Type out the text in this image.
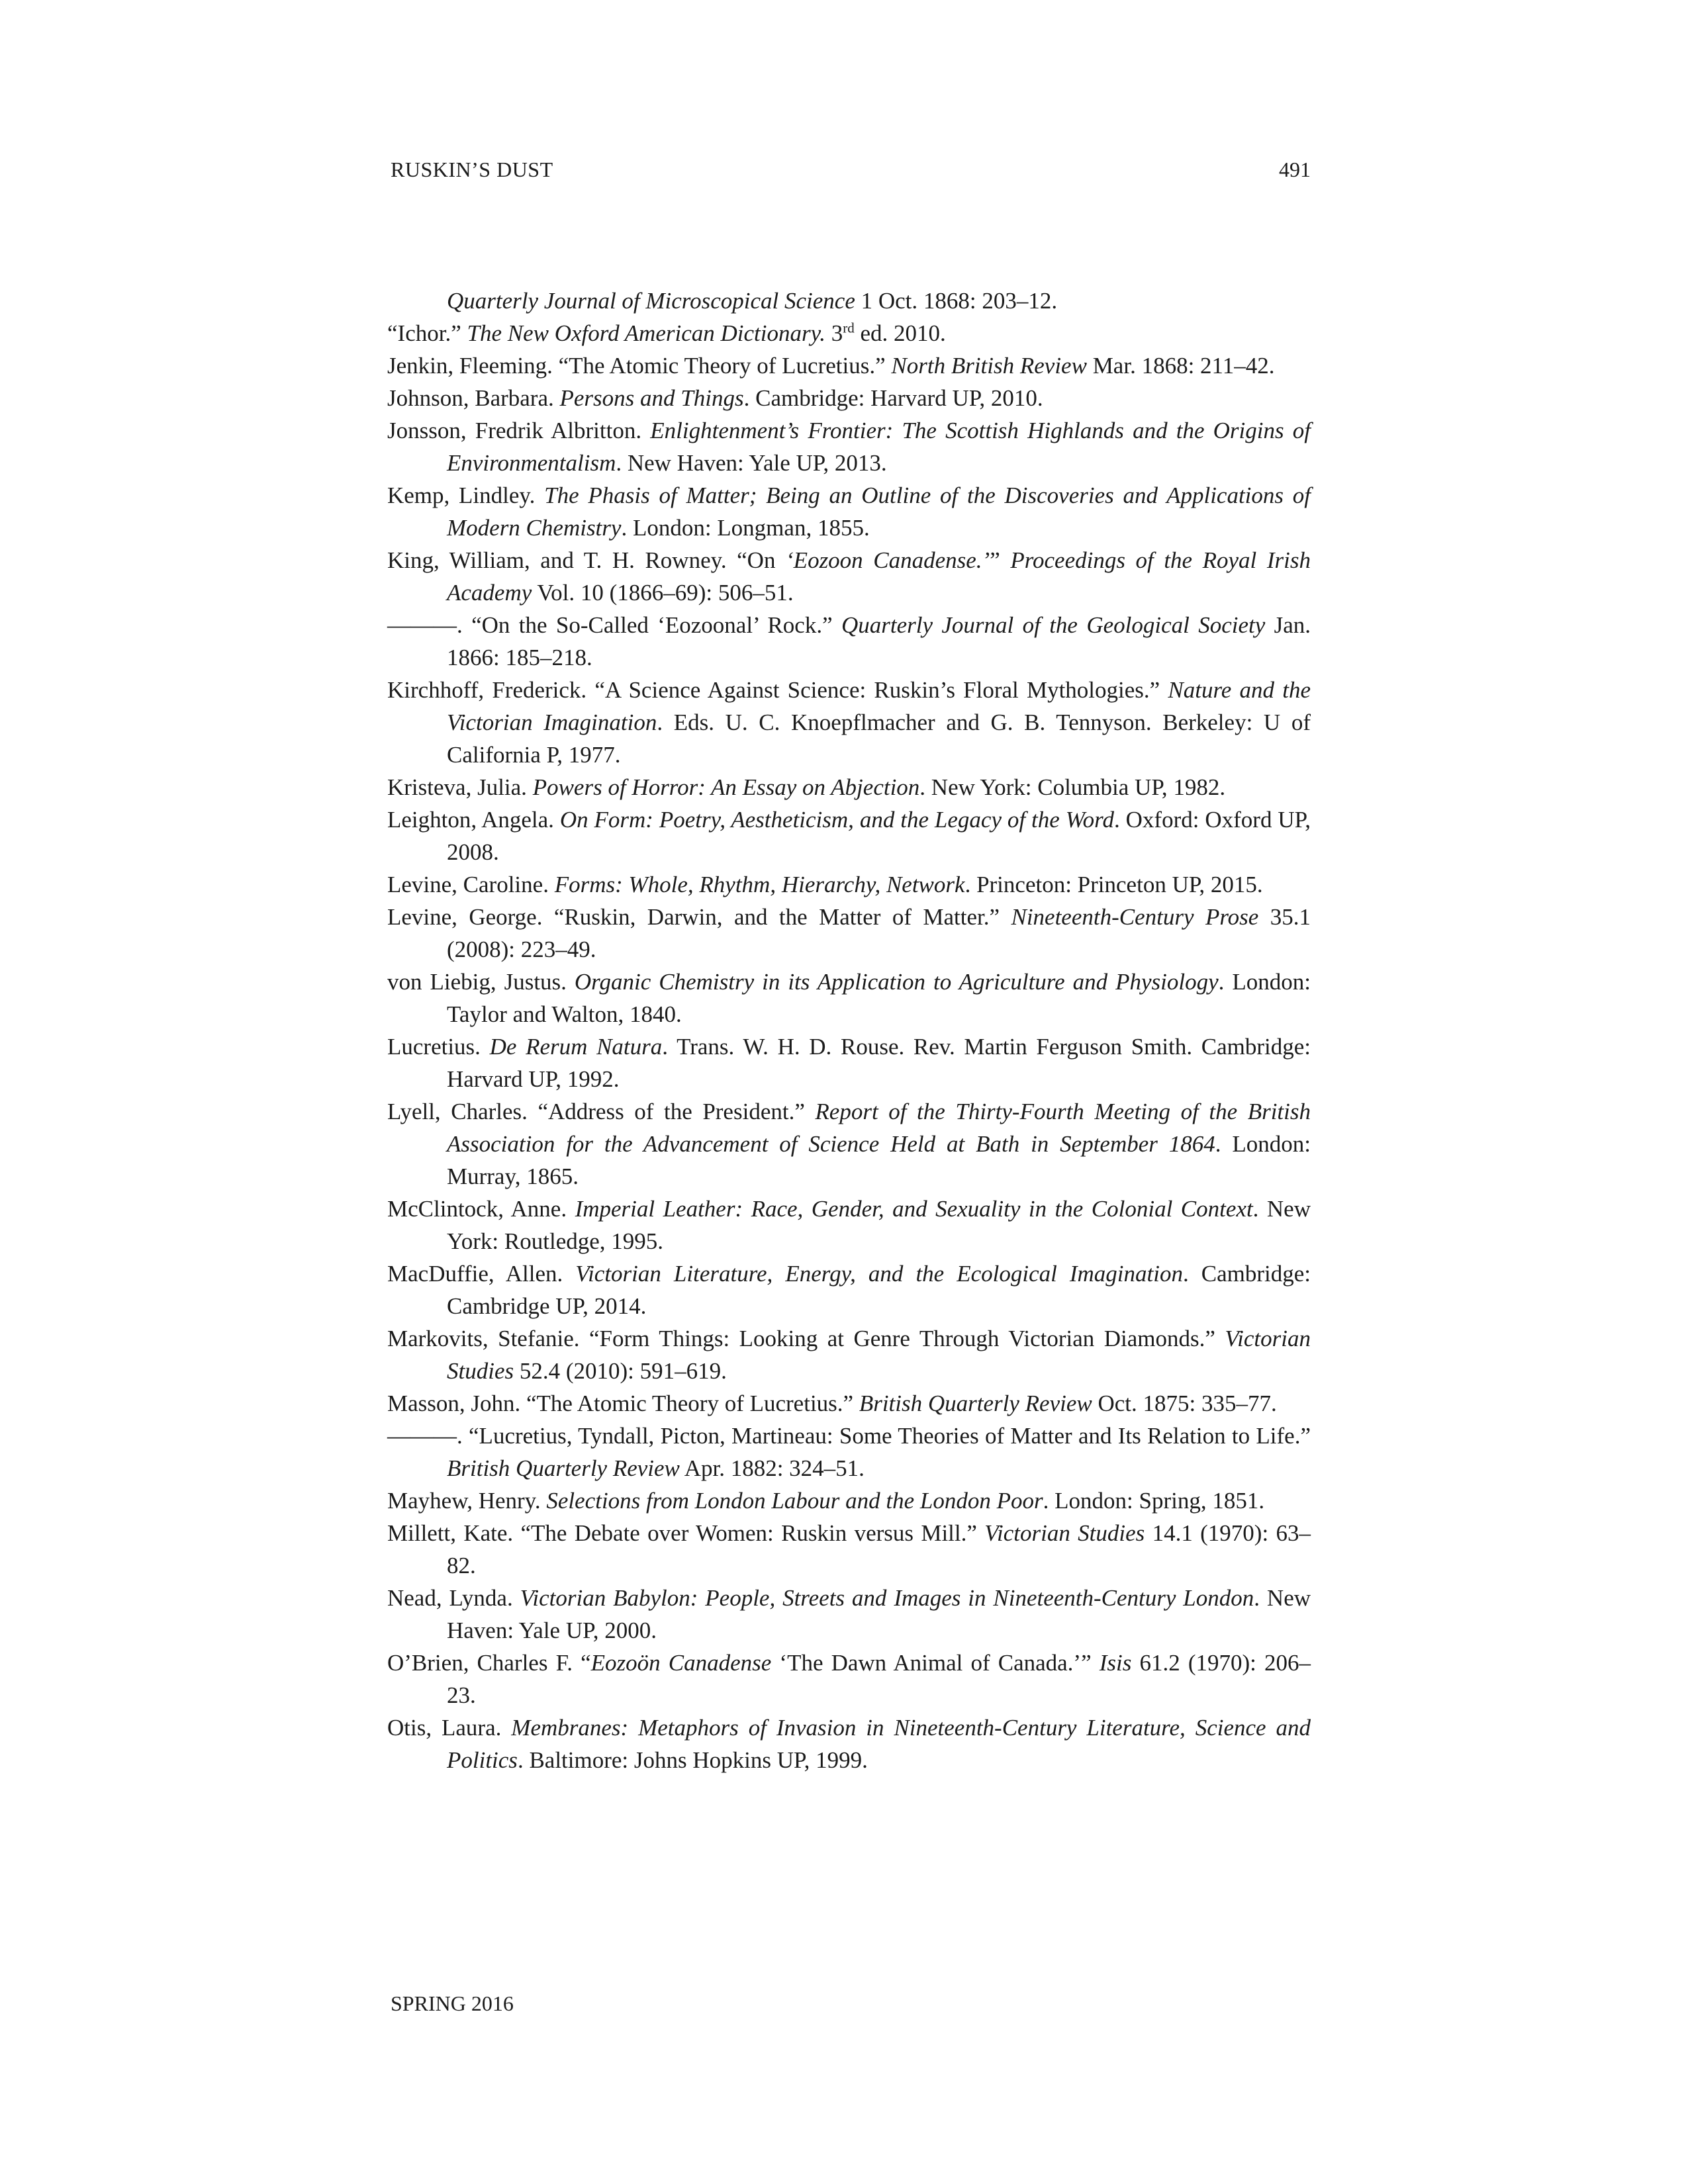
RUSKIN’S DUST	491

Quarterly Journal of Microscopical Science 1 Oct. 1868: 203–12.

“Ichor.” The New Oxford American Dictionary. 3rd ed. 2010.

Jenkin, Fleeming. “The Atomic Theory of Lucretius.” North British Review Mar. 1868: 211–42.

Johnson, Barbara. Persons and Things. Cambridge: Harvard UP, 2010.

Jonsson, Fredrik Albritton. Enlightenment’s Frontier: The Scottish Highlands and the Origins of Environmentalism. New Haven: Yale UP, 2013.

Kemp, Lindley. The Phasis of Matter; Being an Outline of the Discoveries and Applications of Modern Chemistry. London: Longman, 1855.

King, William, and T. H. Rowney. “On ‘Eozoon Canadense.’” Proceedings of the Royal Irish Academy Vol. 10 (1866–69): 506–51.

———. “On the So-Called ‘Eozoonal’ Rock.” Quarterly Journal of the Geological Society Jan. 1866: 185–218.

Kirchhoff, Frederick. “A Science Against Science: Ruskin’s Floral Mythologies.” Nature and the Victorian Imagination. Eds. U. C. Knoepflmacher and G. B. Tennyson. Berkeley: U of California P, 1977.

Kristeva, Julia. Powers of Horror: An Essay on Abjection. New York: Columbia UP, 1982.

Leighton, Angela. On Form: Poetry, Aestheticism, and the Legacy of the Word. Oxford: Oxford UP, 2008.

Levine, Caroline. Forms: Whole, Rhythm, Hierarchy, Network. Princeton: Princeton UP, 2015.

Levine, George. “Ruskin, Darwin, and the Matter of Matter.” Nineteenth-Century Prose 35.1 (2008): 223–49.

von Liebig, Justus. Organic Chemistry in its Application to Agriculture and Physiology. London: Taylor and Walton, 1840.

Lucretius. De Rerum Natura. Trans. W. H. D. Rouse. Rev. Martin Ferguson Smith. Cambridge: Harvard UP, 1992.

Lyell, Charles. “Address of the President.” Report of the Thirty-Fourth Meeting of the British Association for the Advancement of Science Held at Bath in September 1864. London: Murray, 1865.

McClintock, Anne. Imperial Leather: Race, Gender, and Sexuality in the Colonial Context. New York: Routledge, 1995.

MacDuffie, Allen. Victorian Literature, Energy, and the Ecological Imagination. Cambridge: Cambridge UP, 2014.

Markovits, Stefanie. “Form Things: Looking at Genre Through Victorian Diamonds.” Victorian Studies 52.4 (2010): 591–619.

Masson, John. “The Atomic Theory of Lucretius.” British Quarterly Review Oct. 1875: 335–77.

———. “Lucretius, Tyndall, Picton, Martineau: Some Theories of Matter and Its Relation to Life.” British Quarterly Review Apr. 1882: 324–51.

Mayhew, Henry. Selections from London Labour and the London Poor. London: Spring, 1851.

Millett, Kate. “The Debate over Women: Ruskin versus Mill.” Victorian Studies 14.1 (1970): 63–82.

Nead, Lynda. Victorian Babylon: People, Streets and Images in Nineteenth-Century London. New Haven: Yale UP, 2000.

O’Brien, Charles F. “Eozoön Canadense ‘The Dawn Animal of Canada.’” Isis 61.2 (1970): 206–23.

Otis, Laura. Membranes: Metaphors of Invasion in Nineteenth-Century Literature, Science and Politics. Baltimore: Johns Hopkins UP, 1999.

SPRING 2016
